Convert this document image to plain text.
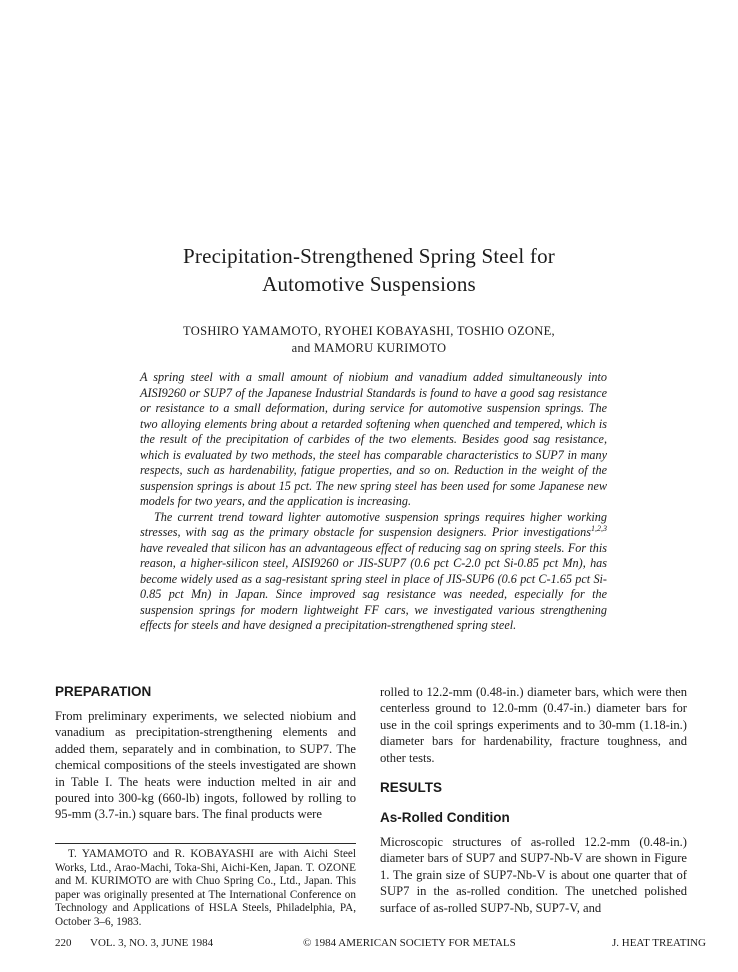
Precipitation-Strengthened Spring Steel for
Automotive Suspensions
TOSHIRO YAMAMOTO, RYOHEI KOBAYASHI, TOSHIO OZONE,
and MAMORU KURIMOTO

A spring steel with a small amount of niobium and vanadium added simultaneously into AISI9260 or SUP7 of the Japanese Industrial Standards is found to have a good sag resistance or resistance to a small deformation, during service for automotive suspension springs. The two alloying elements bring about a retarded softening when quenched and tempered, which is the result of the precipitation of carbides of the two elements. Besides good sag resistance, which is evaluated by two methods, the steel has comparable characteristics to SUP7 in many respects, such as hardenability, fatigue properties, and so on. Reduction in the weight of the suspension springs is about 15 pct. The new spring steel has been used for some Japanese new models for two years, and the application is increasing.

The current trend toward lighter automotive suspension springs requires higher working stresses, with sag as the primary obstacle for suspension designers. Prior investigations$^{1,2,3}$ have revealed that silicon has an advantageous effect of reducing sag on spring steels. For this reason, a higher-silicon steel, AISI9260 or JIS-SUP7 (0.6 pct C-2.0 pct Si-0.85 pct Mn), has become widely used as a sag-resistant spring steel in place of JIS-SUP6 (0.6 pct C-1.65 pct Si-0.85 pct Mn) in Japan. Since improved sag resistance was needed, especially for the suspension springs for modern lightweight FF cars, we investigated various strengthening effects for steels and have designed a precipitation-strengthened spring steel.

PREPARATION

From preliminary experiments, we selected niobium and vanadium as precipitation-strengthening elements and added them, separately and in combination, to SUP7. The chemical compositions of the steels investigated are shown in Table I. The heats were induction melted in air and poured into 300-kg (660-lb) ingots, followed by rolling to 95-mm (3.7-in.) square bars. The final products were

rolled to 12.2-mm (0.48-in.) diameter bars, which were then centerless ground to 12.0-mm (0.47-in.) diameter bars for use in the coil springs experiments and to 30-mm (1.18-in.) diameter bars for hardenability, fracture toughness, and other tests.

RESULTS
As-Rolled Condition

Microscopic structures of as-rolled 12.2-mm (0.48-in.) diameter bars of SUP7 and SUP7-Nb-V are shown in Figure 1. The grain size of SUP7-Nb-V is about one quarter that of SUP7 in the as-rolled condition. The unetched polished surface of as-rolled SUP7-Nb, SUP7-V, and

T. YAMAMOTO and R. KOBAYASHI are with Aichi Steel Works, Ltd., Arao-Machi, Toka-Shi, Aichi-Ken, Japan. T. OZONE and M. KURIMOTO are with Chuo Spring Co., Ltd., Japan. This paper was originally presented at The International Conference on Technology and Applications of HSLA Steels, Philadelphia, PA, October 3–6, 1983.

220 VOL. 3, NO. 3, JUNE 1984	© 1984 AMERICAN SOCIETY FOR METALS	J. HEAT TREATING
